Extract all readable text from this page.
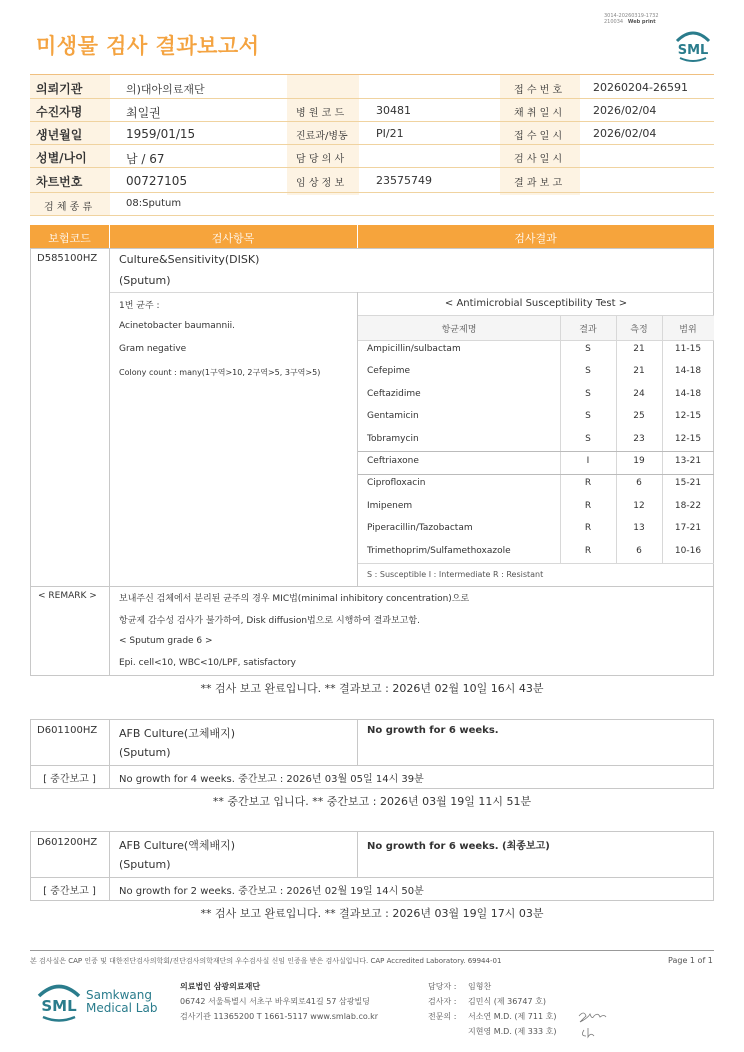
미생물 검사 결과보고서
3014-20260319-1732
210034 Web print
SML
의뢰기관	의)대아의료재단	접 수 번 호	20260204-26591
수진자명	최일권	병 원 코 드	30481	채 취 일 시	2026/02/04
생년월일	1959/01/15	진료과/병동	PI/21	접 수 일 시	2026/02/04
성별/나이	남 / 67	담 당 의 사	검 사 일 시
차트번호	00727105	임 상 정 보	23575749	결 과 보 고
검 체 종 류	08:Sputum
보험코드	검사항목	검사결과
D585100HZ Culture&Sensitivity(DISK)
(Sputum)
1번 균주 :
Acinetobacter baumannii.
Gram negative
Colony count : many(1구역>10, 2구역>5, 3구역>5)
< Antimicrobial Susceptibility Test >
항균제명	결과	측정	범위
Ampicillin/sulbactam	S	21	11-15
Cefepime	S	21	14-18
Ceftazidime	S	24	14-18
Gentamicin	S	25	12-15
Tobramycin	S	23	12-15
Ceftriaxone	I	19	13-21
Ciprofloxacin	R	6	15-21
Imipenem	R	12	18-22
Piperacillin/Tazobactam	R	13	17-21
Trimethoprim/Sulfamethoxazole	R	6	10-16
S : Susceptible I : Intermediate R : Resistant
< REMARK > 보내주신 검체에서 분리된 균주의 경우 MIC법(minimal inhibitory concentration)으로
항균제 감수성 검사가 불가하여, Disk diffusion법으로 시행하여 결과보고함.
< Sputum grade 6 >
Epi. cell<10, WBC<10/LPF, satisfactory
** 검사 보고 완료입니다. ** 결과보고 : 2026년 02월 10일 16시 43분
D601100HZ AFB Culture(고체배지)
(Sputum)
No growth for 6 weeks.
[ 중간보고 ]	No growth for 4 weeks. 중간보고 : 2026년 03월 05일 14시 39분
** 중간보고 입니다. ** 중간보고 : 2026년 03월 19일 11시 51분
D601200HZ AFB Culture(액체배지)
(Sputum)
No growth for 6 weeks. (최종보고)
[ 중간보고 ]	No growth for 2 weeks. 중간보고 : 2026년 02월 19일 14시 50분
** 검사 보고 완료입니다. ** 결과보고 : 2026년 03월 19일 17시 03분
본 검사실은 CAP 인증 및 대한진단검사의학회/진단검사의학재단의 우수검사실 신임 인증을 받은 검사실입니다. CAP Accredited Laboratory. 69944-01	Page 1 of 1
SML
Samkwang
Medical Lab
의료법인 삼광의료재단
06742 서울특별시 서초구 바우뫼로41길 57 삼광빌딩
검사기관 11365200 T 1661-5117 www.smlab.co.kr
담당자 : 임형찬
검사자 : 김민식 (제 36747 호)
전문의 : 서소연 M.D. (제 711 호)
지현영 M.D. (제 333 호)
